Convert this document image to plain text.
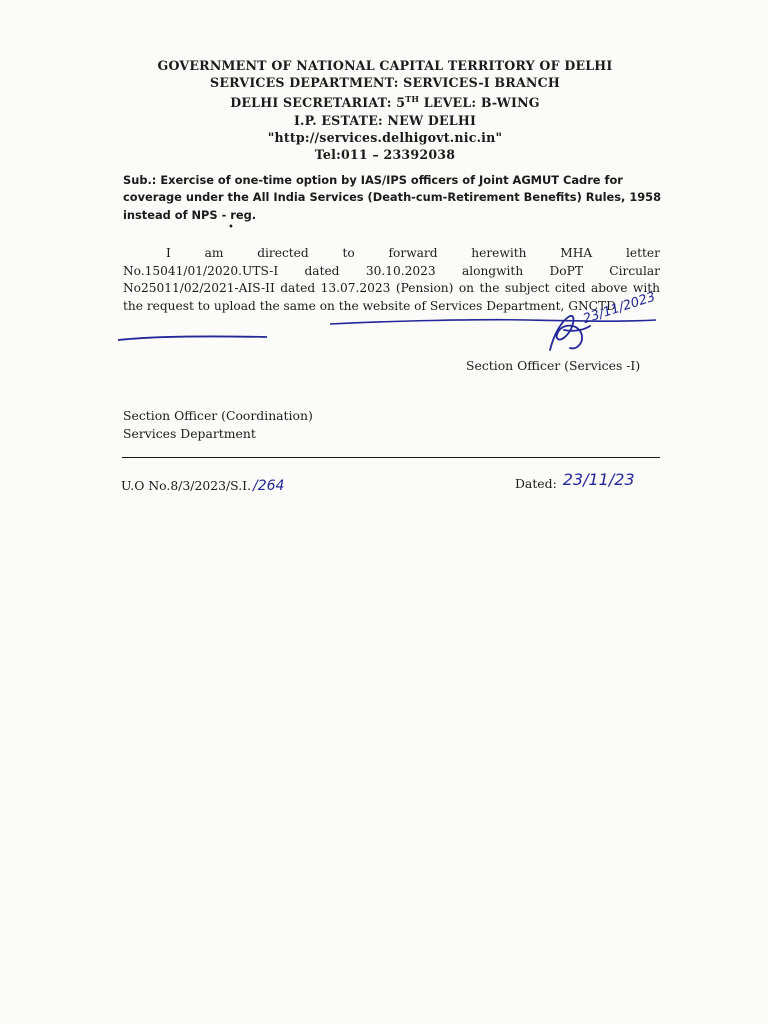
GOVERNMENT OF NATIONAL CAPITAL TERRITORY OF DELHI
SERVICES DEPARTMENT: SERVICES-I BRANCH
DELHI SECRETARIAT: 5TH LEVEL: B-WING
I.P. ESTATE: NEW DELHI
"http://services.delhigovt.nic.in"
Tel:011 – 23392038
Sub.: Exercise of one-time option by IAS/IPS officers of Joint AGMUT Cadre for coverage under the All India Services (Death-cum-Retirement Benefits) Rules, 1958 instead of NPS - reg.
•
I	am	directed	to	forward	herewith	MHA	letter
No.15041/01/2020.UTS-I dated 30.10.2023 alongwith DoPT Circular No25011/02/2021-AIS-II dated 13.07.2023 (Pension) on the subject cited above with the request to upload the same on the website of Services Department, GNCTD
23/11/2023
Section Officer (Services -I)
Section Officer (Coordination)
Services Department
U.O No.8/3/2023/S.I. /264	Dated: 23/11/23
